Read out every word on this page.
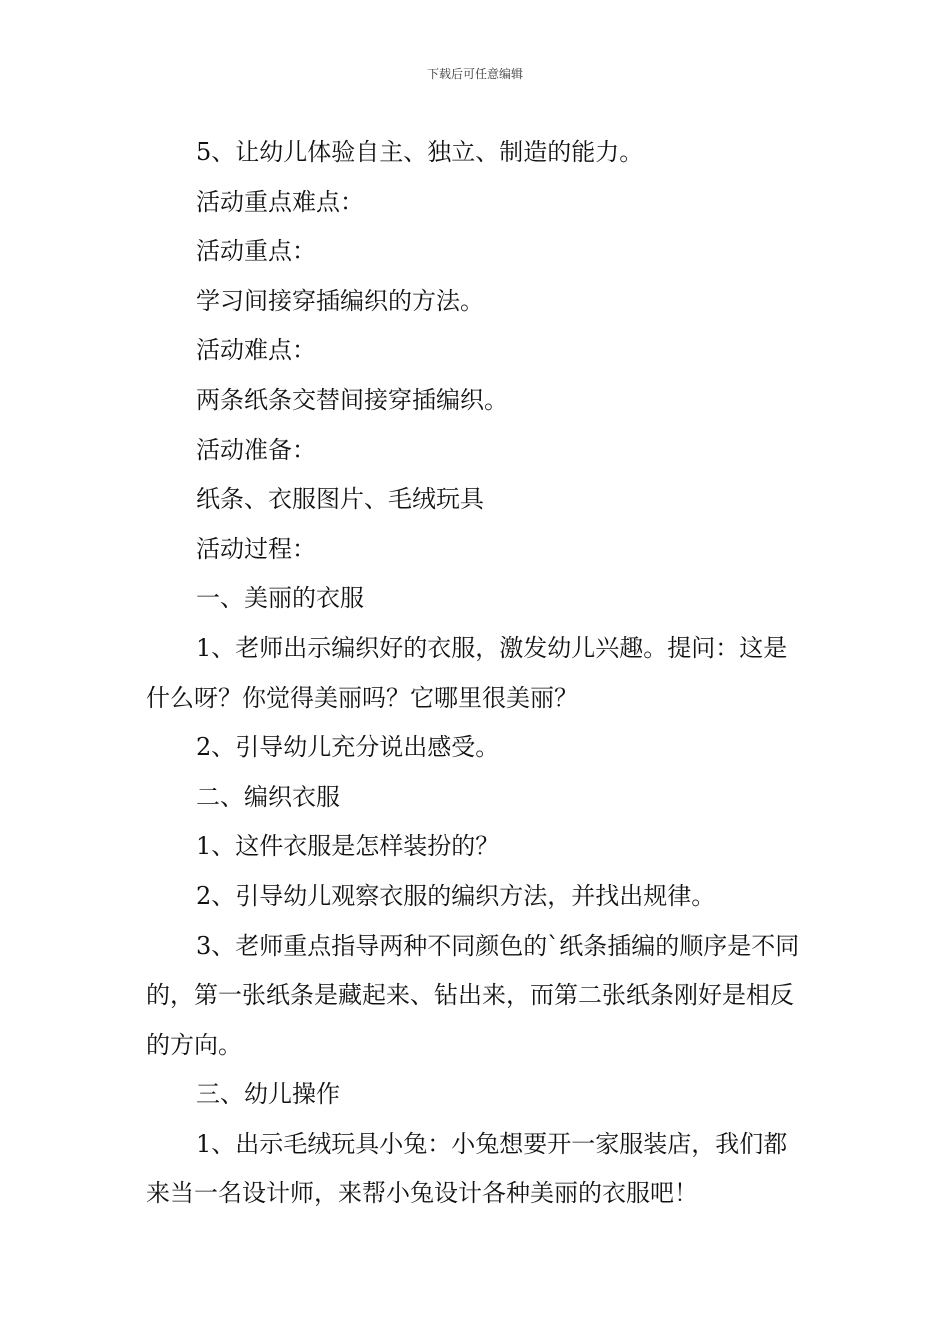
下载后可任意编辑

5、让幼儿体验自主、独立、制造的能力。

活动重点难点：

活动重点：

学习间接穿插编织的方法。

活动难点：

两条纸条交替间接穿插编织。

活动准备：

纸条、衣服图片、毛绒玩具

活动过程：

一、美丽的衣服

1、老师出示编织好的衣服，激发幼儿兴趣。提问：这是什么呀？你觉得美丽吗？它哪里很美丽？

2、引导幼儿充分说出感受。

二、编织衣服

1、这件衣服是怎样装扮的？

2、引导幼儿观察衣服的编织方法，并找出规律。

3、老师重点指导两种不同颜色的`纸条插编的顺序是不同的，第一张纸条是藏起来、钻出来，而第二张纸条刚好是相反的方向。

三、幼儿操作

1、出示毛绒玩具小兔：小兔想要开一家服装店，我们都来当一名设计师，来帮小兔设计各种美丽的衣服吧！
